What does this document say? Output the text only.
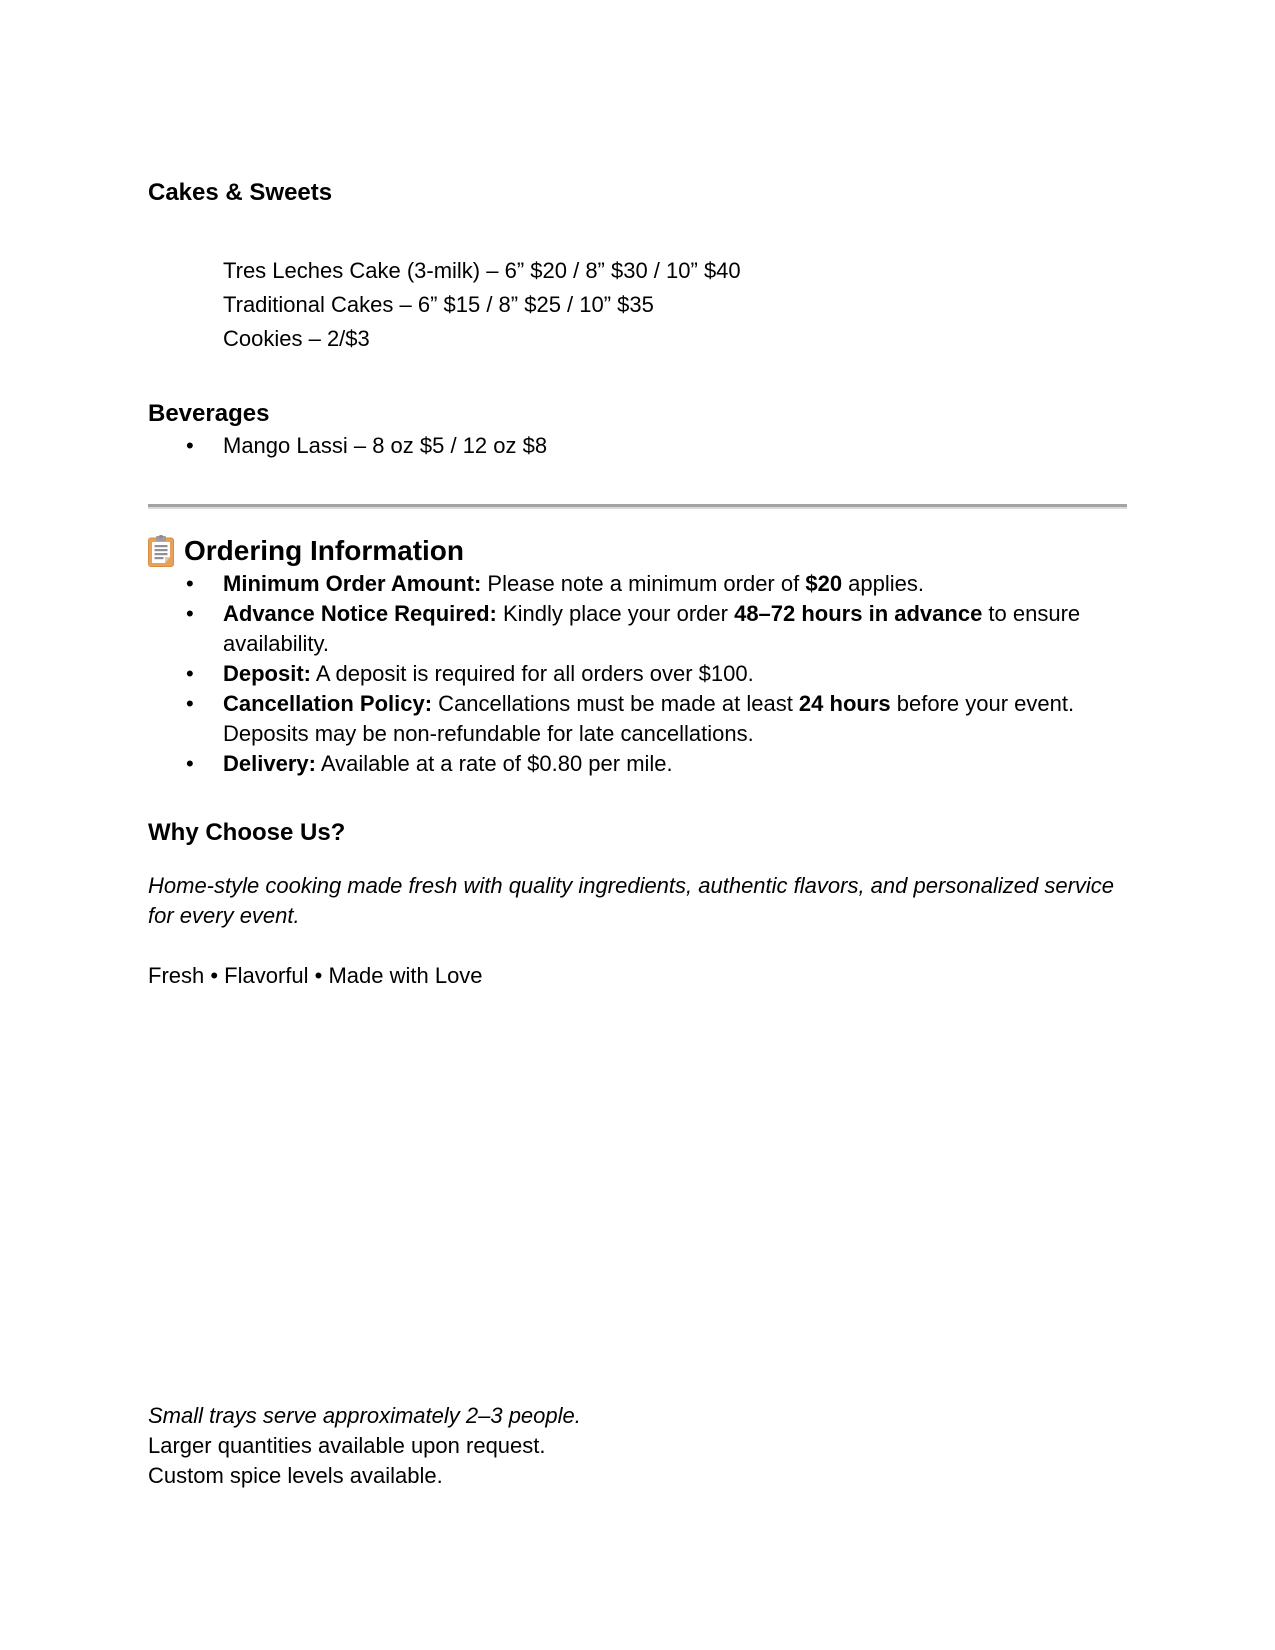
Cakes & Sweets
Tres Leches Cake (3-milk) – 6” $20 / 8” $30 / 10” $40
Traditional Cakes – 6” $15 / 8” $25 / 10” $35
Cookies – 2/$3
Beverages
• Mango Lassi – 8 oz $5 / 12 oz $8
Ordering Information
• Minimum Order Amount: Please note a minimum order of $20 applies.
• Advance Notice Required: Kindly place your order 48–72 hours in advance to ensure availability.
• Deposit: A deposit is required for all orders over $100.
• Cancellation Policy: Cancellations must be made at least 24 hours before your event. Deposits may be non-refundable for late cancellations.
• Delivery: Available at a rate of $0.80 per mile.
Why Choose Us?

Home-style cooking made fresh with quality ingredients, authentic flavors, and personalized service for every event.

Fresh • Flavorful • Made with Love

Small trays serve approximately 2–3 people.
Larger quantities available upon request.
Custom spice levels available.
